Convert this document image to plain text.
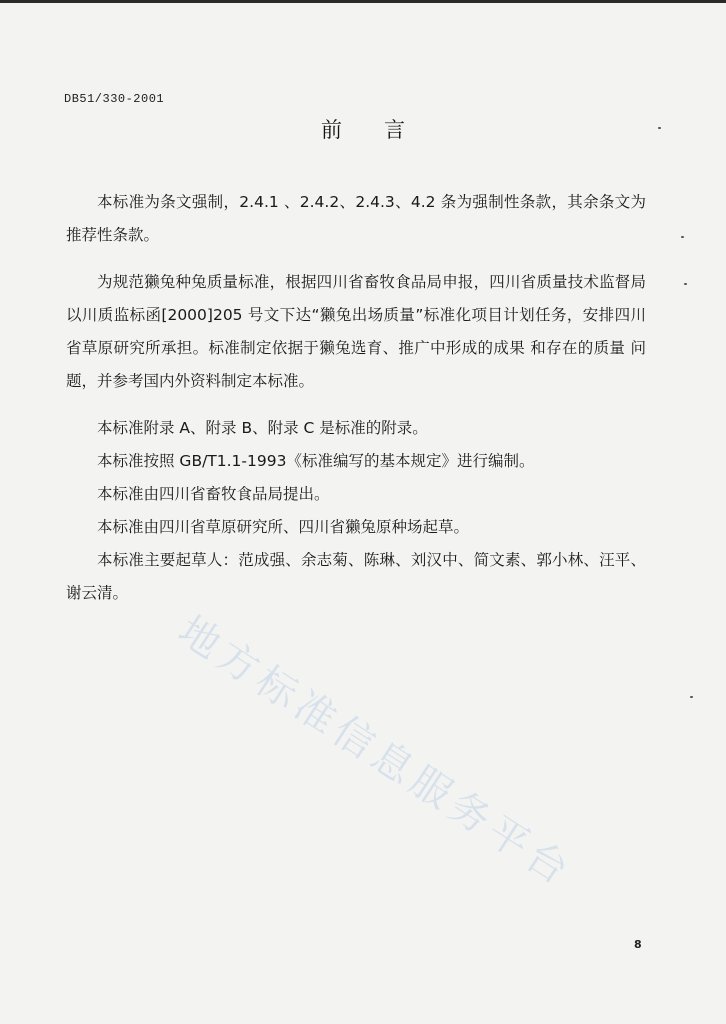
DB51/330-2001
前言

本标准为条文强制，2.4.1 、2.4.2、2.4.3、4.2 条为强制性条款，其余条文为推荐性条款。

为规范獭兔种兔质量标准，根据四川省畜牧食品局申报，四川省质量技术监督局以川质监标函[2000]205 号文下达“獭兔出场质量”标准化项目计划任务，安排四川省草原研究所承担。标准制定依据于獭兔选育、推广中形成的成果 和存在的质量 问题，并参考国内外资料制定本标准。

本标准附录 A、附录 B、附录 C 是标准的附录。

本标准按照 GB/T1.1-1993《标准编写的基本规定》进行编制。

本标准由四川省畜牧食品局提出。

本标准由四川省草原研究所、四川省獭兔原种场起草。

本标准主要起草人：范成强、余志菊、陈琳、刘汉中、简文素、郭小林、汪平、谢云清。

地方标准信息服务平台
8
